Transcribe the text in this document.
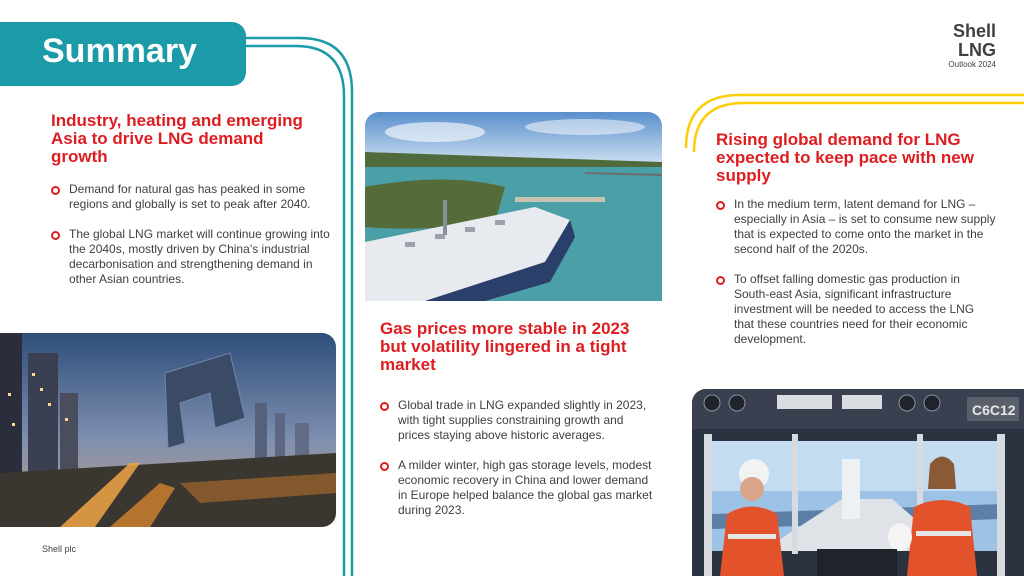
Summary
Shell
LNG
Outlook 2024
Industry, heating and emerging Asia to drive LNG demand growth
Demand for natural gas has peaked in some regions and globally is set to peak after 2040.
The global LNG market will continue growing into the 2040s, mostly driven by China’s industrial decarbonisation and strengthening demand in other Asian countries.
Gas prices more stable in 2023 but volatility lingered in a tight market
Global trade in LNG expanded slightly in 2023, with tight supplies constraining growth and prices staying above historic averages.
A milder winter, high gas storage levels, modest economic recovery in China and lower demand in Europe helped balance the global gas market during 2023.
Rising global demand for LNG expected to keep pace with new supply
In the medium term, latent demand for LNG – especially in Asia – is set to consume new supply that is expected to come onto the market in the second half of the 2020s.
To offset falling domestic gas production in South-east Asia, significant infrastructure investment will be needed to access the LNG that these countries need for their economic development.
C6C12
Shell plc
